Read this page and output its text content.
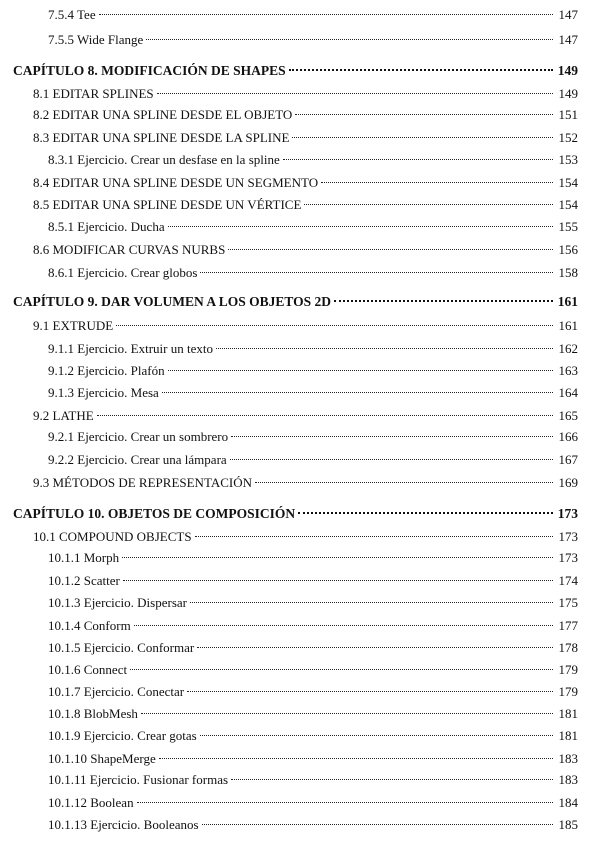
7.5.4 Tee	147
7.5.5 Wide Flange	147
CAPÍTULO 8. MODIFICACIÓN DE SHAPES	149
8.1 EDITAR SPLINES	149
8.2 EDITAR UNA SPLINE DESDE EL OBJETO	151
8.3 EDITAR UNA SPLINE DESDE LA SPLINE	152
8.3.1 Ejercicio. Crear un desfase en la spline	153
8.4 EDITAR UNA SPLINE DESDE UN SEGMENTO	154
8.5 EDITAR UNA SPLINE DESDE UN VÉRTICE	154
8.5.1 Ejercicio. Ducha	155
8.6 MODIFICAR CURVAS NURBS	156
8.6.1 Ejercicio. Crear globos	158
CAPÍTULO 9. DAR VOLUMEN A LOS OBJETOS 2D	161
9.1 EXTRUDE	161
9.1.1 Ejercicio. Extruir un texto	162
9.1.2 Ejercicio. Plafón	163
9.1.3 Ejercicio. Mesa	164
9.2 LATHE	165
9.2.1 Ejercicio. Crear un sombrero	166
9.2.2 Ejercicio. Crear una lámpara	167
9.3 MÉTODOS DE REPRESENTACIÓN	169
CAPÍTULO 10. OBJETOS DE COMPOSICIÓN	173
10.1 COMPOUND OBJECTS	173
10.1.1 Morph	173
10.1.2 Scatter	174
10.1.3 Ejercicio. Dispersar	175
10.1.4 Conform	177
10.1.5 Ejercicio. Conformar	178
10.1.6 Connect	179
10.1.7 Ejercicio. Conectar	179
10.1.8 BlobMesh	181
10.1.9 Ejercicio. Crear gotas	181
10.1.10 ShapeMerge	183
10.1.11 Ejercicio. Fusionar formas	183
10.1.12 Boolean	184
10.1.13 Ejercicio. Booleanos	185
